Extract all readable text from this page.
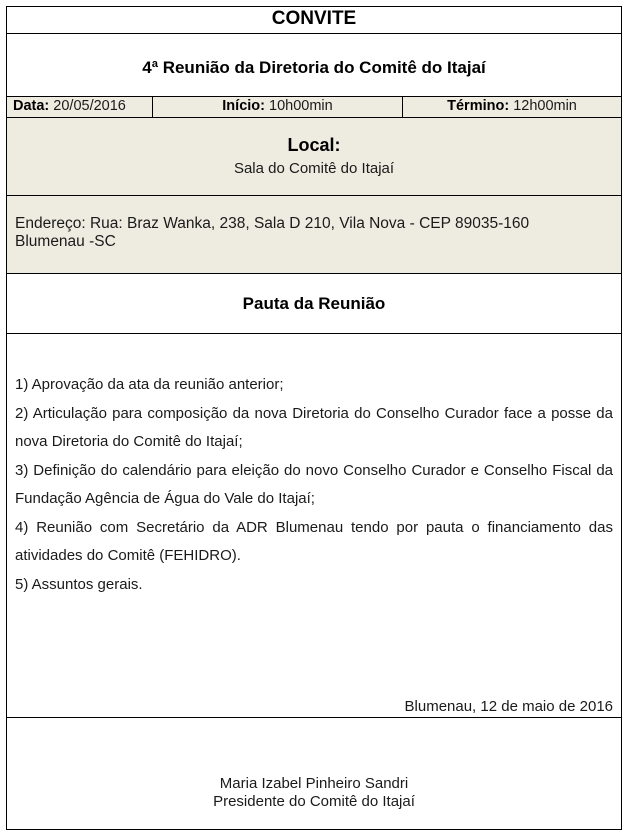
CONVITE
4ª Reunião da Diretoria do Comitê do Itajaí
Data: 20/05/2016	Início: 10h00min	Término: 12h00min
Local:
Sala do Comitê do Itajaí
Endereço: Rua: Braz Wanka, 238, Sala D 210, Vila Nova - CEP 89035-160
Blumenau -SC
Pauta da Reunião

1) Aprovação da ata da reunião anterior;

2) Articulação para composição da nova Diretoria do Conselho Curador face a posse da nova Diretoria do Comitê do Itajaí;

3) Definição do calendário para eleição do novo Conselho Curador e Conselho Fiscal da Fundação Agência de Água do Vale do Itajaí;

4) Reunião com Secretário da ADR Blumenau tendo por pauta o financiamento das atividades do Comitê (FEHIDRO).

5) Assuntos gerais.

Blumenau, 12 de maio de 2016
Maria Izabel Pinheiro Sandri
Presidente do Comitê do Itajaí
